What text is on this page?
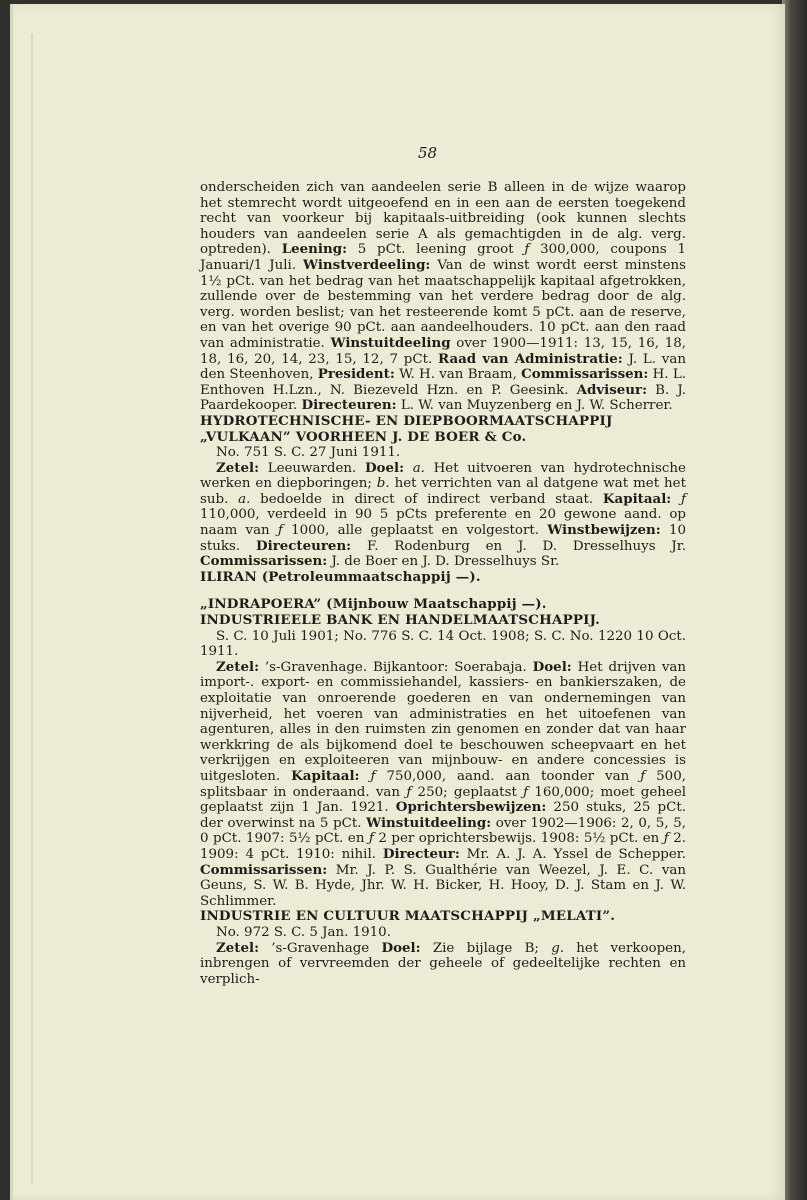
58

onderscheiden zich van aandeelen serie B alleen in de wijze waarop het stemrecht wordt uitgeoefend en in een aan de eersten toegekend recht van voorkeur bij kapitaals-uitbreiding (ook kunnen slechts houders van aandeelen serie A als gemachtigden in de alg. verg. optreden). Leening: 5 pCt. leening groot ƒ 300,000, coupons 1 Januari/1 Juli. Winstverdeeling: Van de winst wordt eerst minstens 1½ pCt. van het bedrag van het maatschappelijk kapitaal afgetrokken, zullende over de bestemming van het verdere bedrag door de alg. verg. worden beslist; van het resteerende komt 5 pCt. aan de reserve, en van het overige 90 pCt. aan aandeelhouders. 10 pCt. aan den raad van administratie. Winstuitdeeling over 1900—1911: 13, 15, 16, 18, 18, 16, 20, 14, 23, 15, 12, 7 pCt. Raad van Administratie: J. L. van den Steenhoven, President: W. H. van Braam, Commissarissen: H. L. Enthoven H.Lzn., N. Biezeveld Hzn. en P. Geesink. Adviseur: B. J. Paardekooper. Directeuren: L. W. van Muyzenberg en J. W. Scherrer.

HYDROTECHNISCHE- EN DIEPBOORMAATSCHAPPIJ „VULKAAN” VOORHEEN J. DE BOER & Co.

No. 751 S. C. 27 Juni 1911.

Zetel: Leeuwarden. Doel: a. Het uitvoeren van hydrotechnische werken en diepboringen; b. het verrichten van al datgene wat met het sub. a. bedoelde in direct of indirect verband staat. Kapitaal: ƒ 110,000, verdeeld in 90 5 pCts preferente en 20 gewone aand. op naam van ƒ 1000, alle geplaatst en volgestort. Winstbewijzen: 10 stuks. Directeuren: F. Rodenburg en J. D. Dresselhuys Jr. Commissarissen: J. de Boer en J. D. Dresselhuys Sr.

ILIRAN (Petroleummaatschappij —).

„INDRAPOERA” (Mijnbouw Maatschappij —).

INDUSTRIEELE BANK EN HANDELMAATSCHAPPIJ.

S. C. 10 Juli 1901; No. 776 S. C. 14 Oct. 1908; S. C. No. 1220 10 Oct. 1911.

Zetel: ’s-Gravenhage. Bijkantoor: Soerabaja. Doel: Het drijven van import-. export- en commissiehandel, kassiers- en bankierszaken, de exploitatie van onroerende goederen en van ondernemingen van nijverheid, het voeren van administraties en het uitoefenen van agenturen, alles in den ruimsten zin genomen en zonder dat van haar werkkring de als bijkomend doel te beschouwen scheepvaart en het verkrijgen en exploiteeren van mijnbouw- en andere concessies is uitgesloten. Kapitaal: ƒ 750,000, aand. aan toonder van ƒ 500, splitsbaar in onderaand. van ƒ 250; geplaatst ƒ 160,000; moet geheel geplaatst zijn 1 Jan. 1921. Oprichtersbewijzen: 250 stuks, 25 pCt. der overwinst na 5 pCt. Winstuitdeeling: over 1902—1906: 2, 0, 5, 5, 0 pCt. 1907: 5½ pCt. en ƒ 2 per oprichtersbewijs. 1908: 5½ pCt. en ƒ 2. 1909: 4 pCt. 1910: nihil. Directeur: Mr. A. J. A. Yssel de Schepper. Commissarissen: Mr. J. P. S. Gualthérie van Weezel, J. E. C. van Geuns, S. W. B. Hyde, Jhr. W. H. Bicker, H. Hooy, D. J. Stam en J. W. Schlimmer.

INDUSTRIE EN CULTUUR MAATSCHAPPIJ „MELATI”.

No. 972 S. C. 5 Jan. 1910.

Zetel: ’s-Gravenhage Doel: Zie bijlage B; g. het verkoopen, inbrengen of vervreemden der geheele of gedeeltelijke rechten en verplich-
